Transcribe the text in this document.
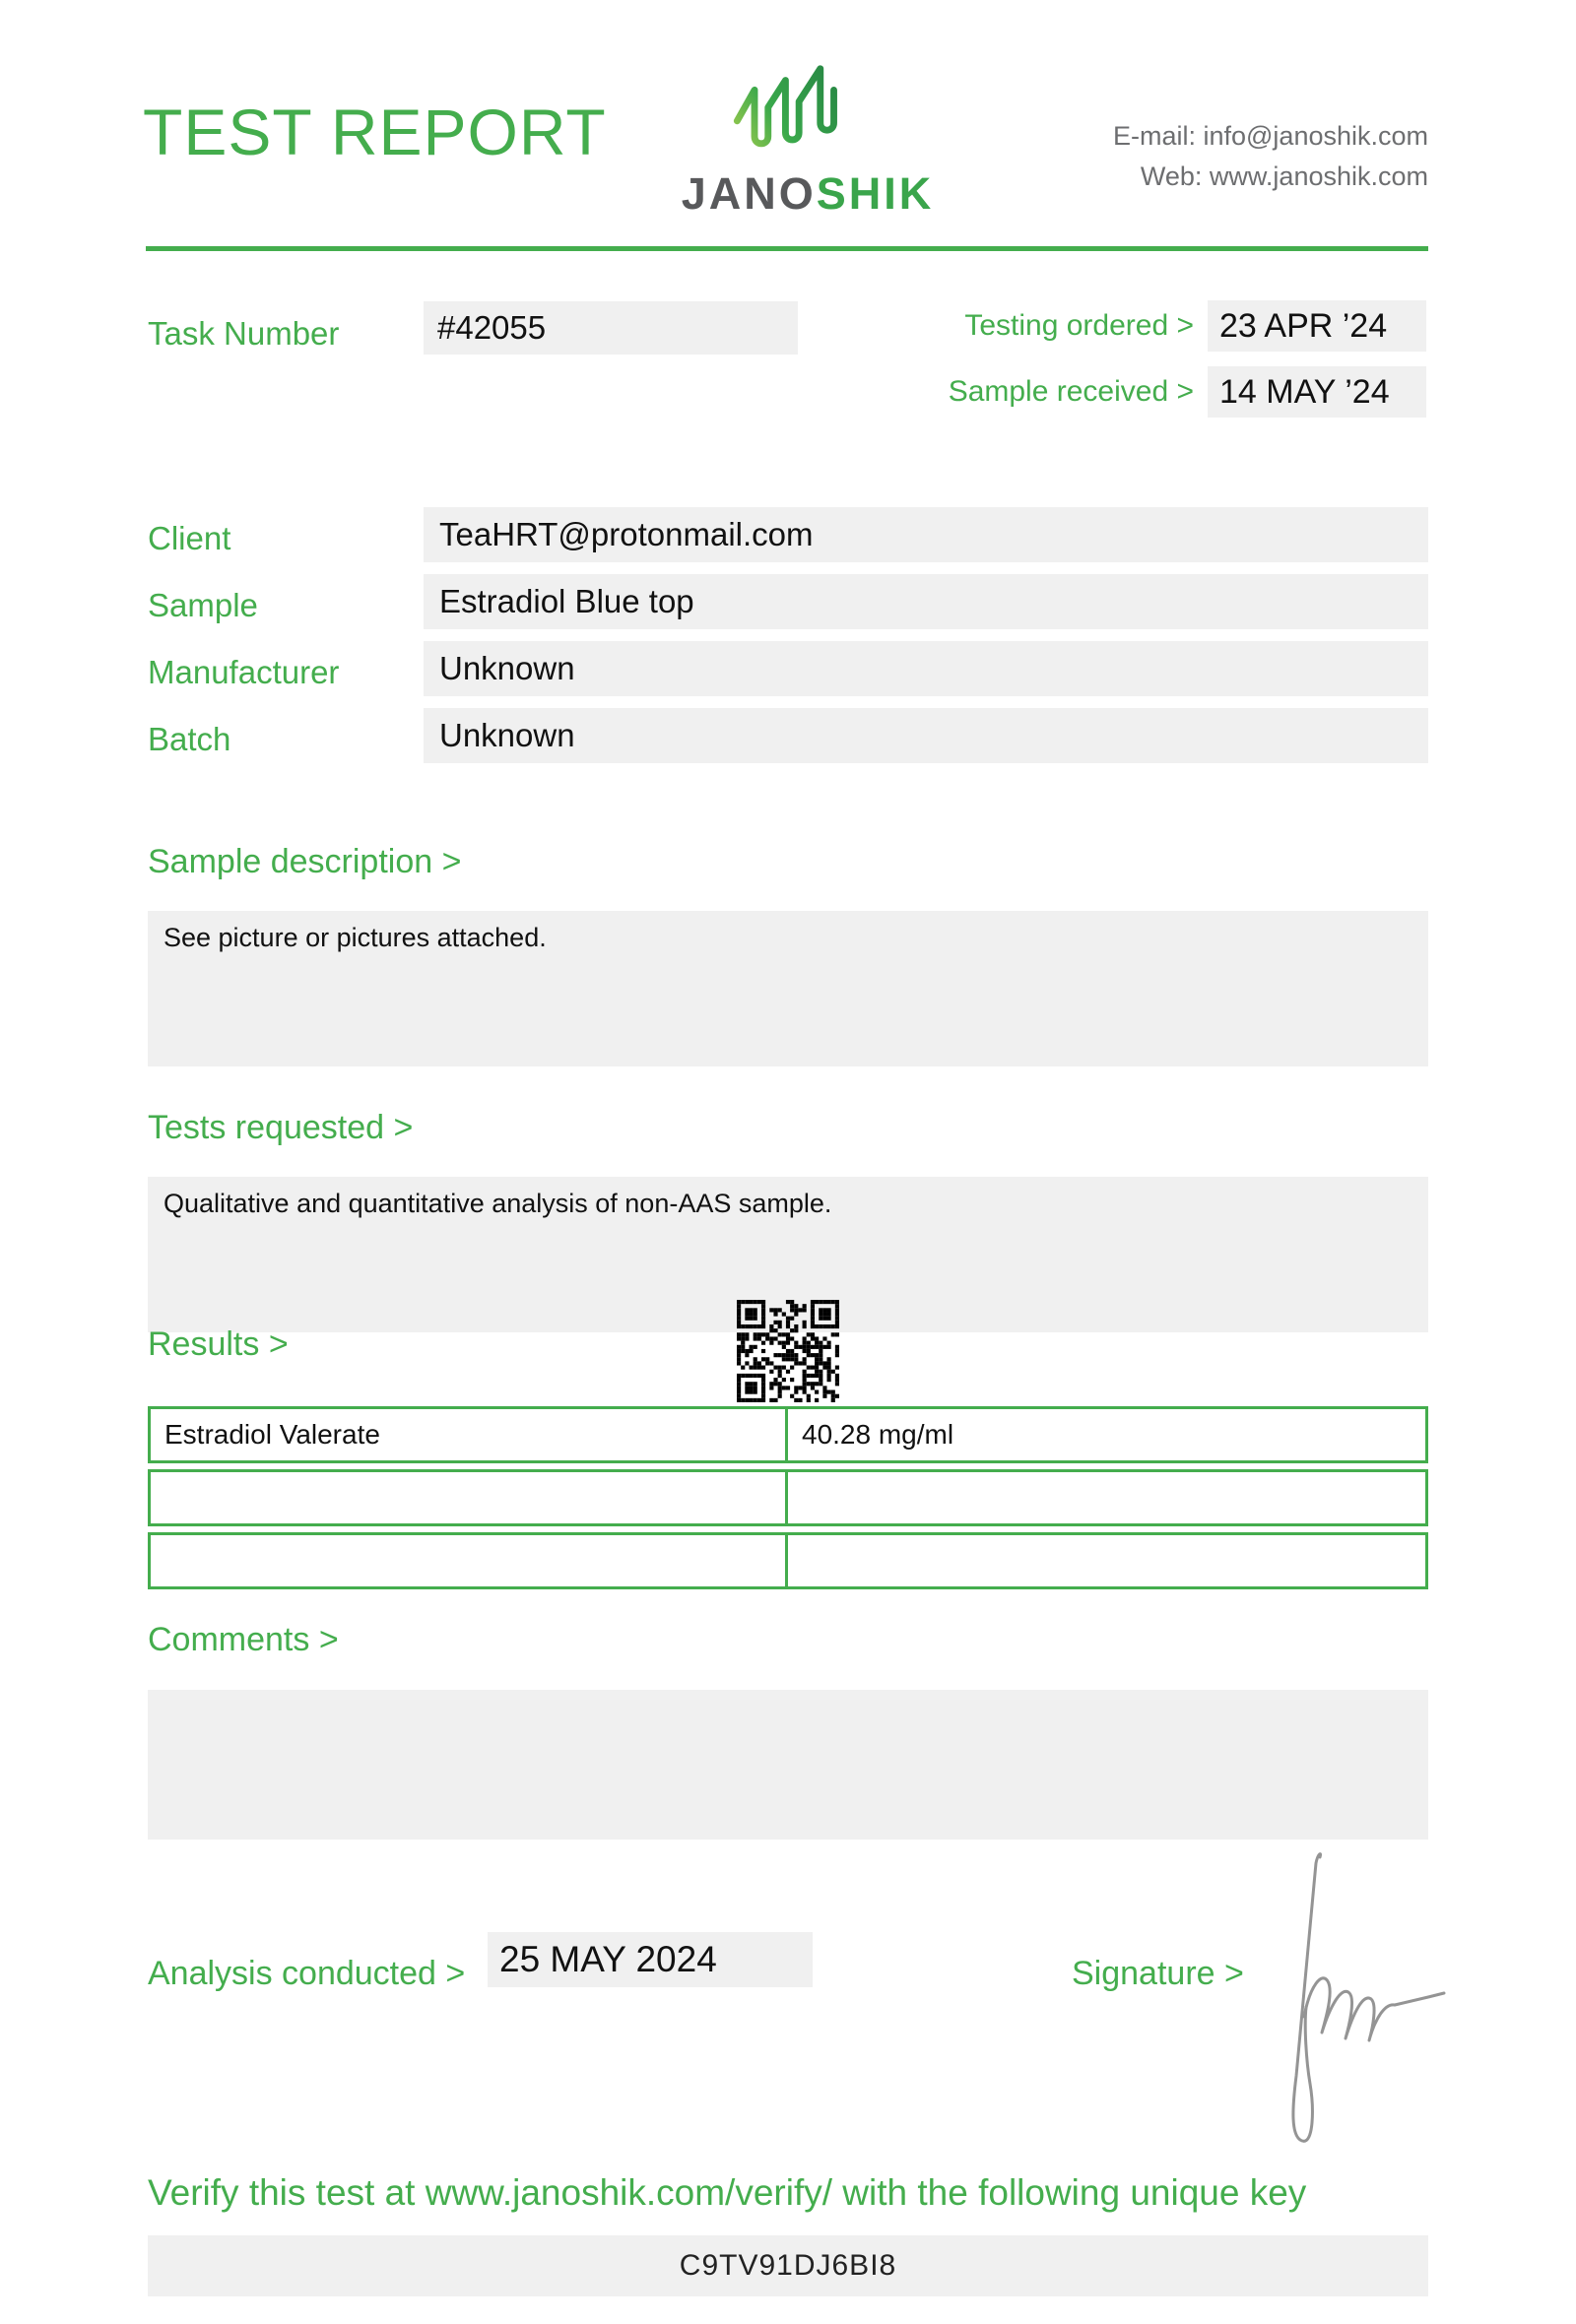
TEST REPORT
JANOSHIK
E-mail: info@janoshik.com
Web: www.janoshik.com
Task Number	#42055	Testing ordered > 23 APR ’24
Sample received > 14 MAY ’24
Client	TeaHRT@protonmail.com
Sample	Estradiol Blue top
Manufacturer	Unknown
Batch	Unknown
Sample description >
See picture or pictures attached.
Tests requested >
Qualitative and quantitative analysis of non-AAS sample.
Results >
Estradiol Valerate	40.28 mg/ml
Comments >
Analysis conducted > 25 MAY 2024	Signature >
Verify this test at www.janoshik.com/verify/ with the following unique key
C9TV91DJ6BI8
